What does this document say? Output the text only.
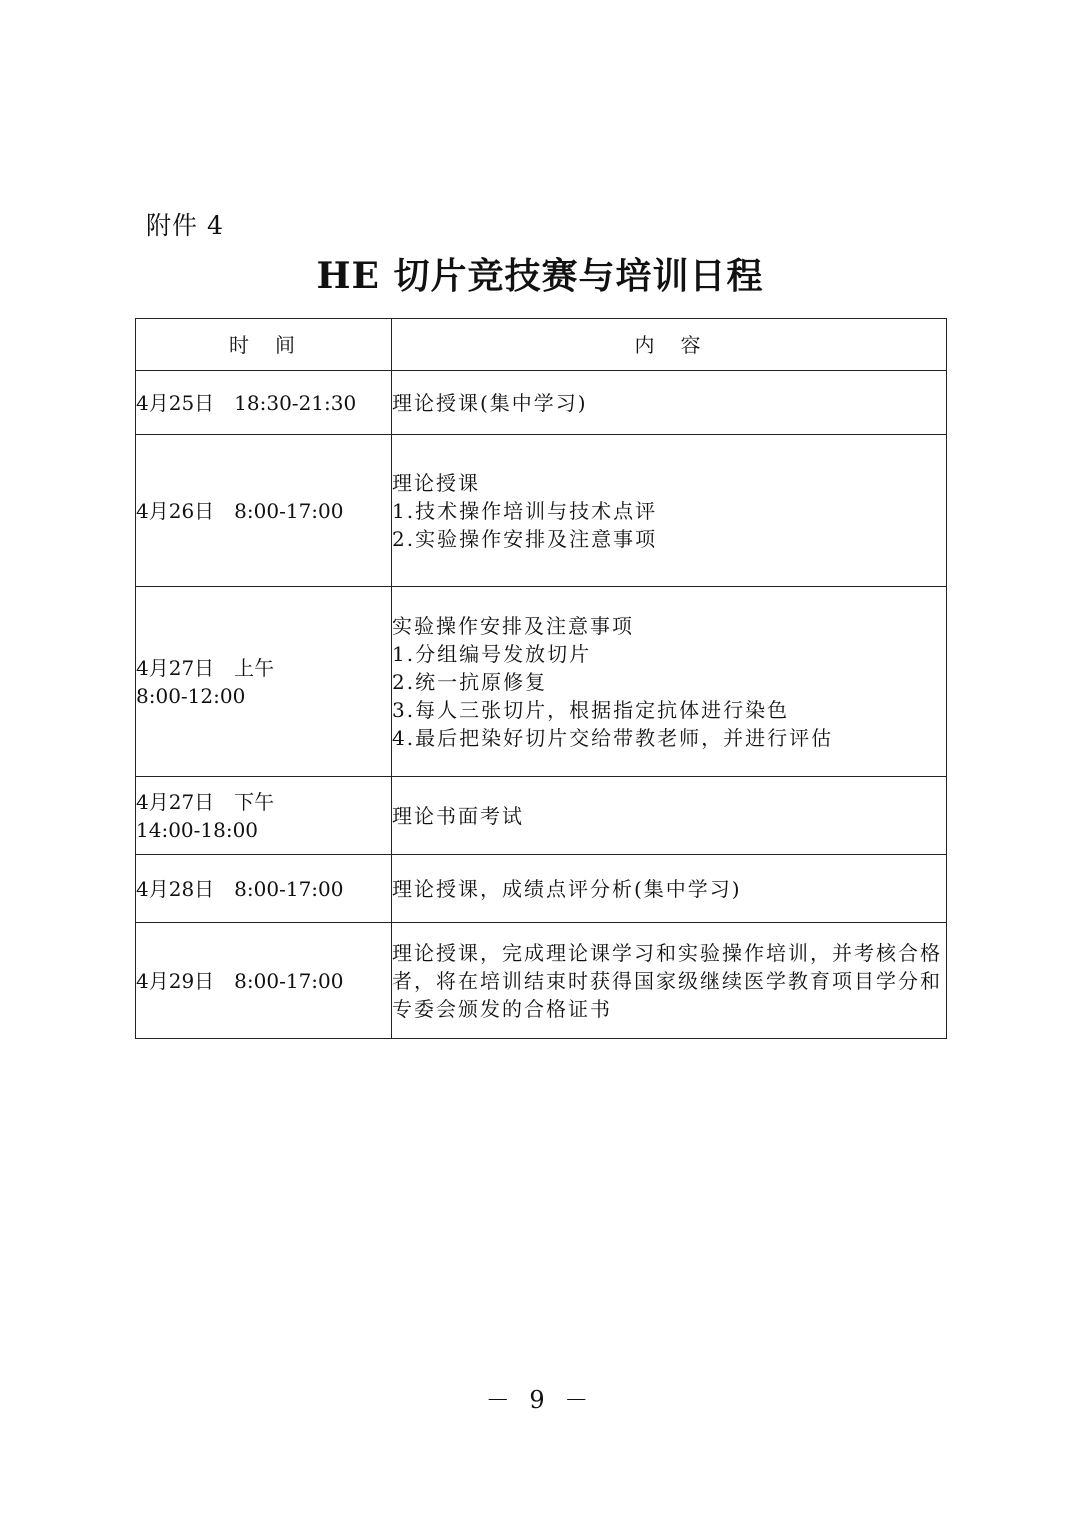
附件 4
HE 切片竞技赛与培训日程
时　间	内　容

4月25日　18:30-21:30	理论授课(集中学习)

4月26日　8:00-17:00	理论授课
1.技术操作培训与技术点评
2.实验操作安排及注意事项

4月27日　上午
8:00-12:00	实验操作安排及注意事项
1.分组编号发放切片
2.统一抗原修复
3.每人三张切片，根据指定抗体进行染色
4.最后把染好切片交给带教老师，并进行评估

4月27日　下午
14:00-18:00	理论书面考试

4月28日　8:00-17:00	理论授课，成绩点评分析(集中学习)

4月29日　8:00-17:00	理论授课，完成理论课学习和实验操作培训，并考核合格
者，将在培训结束时获得国家级继续医学教育项目学分和
专委会颁发的合格证书
－ 9 －
